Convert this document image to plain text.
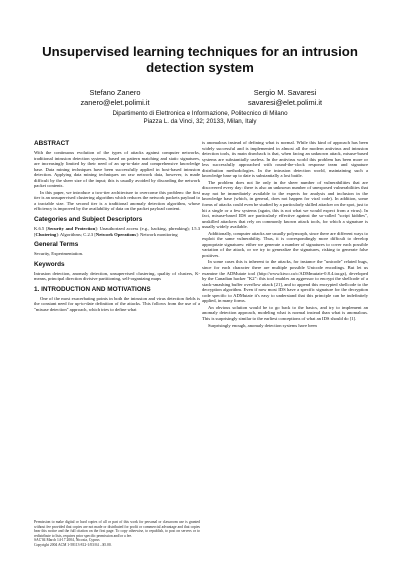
Unsupervised learning techniques for an intrusion
detection system
Stefano Zanero
zanero@elet.polimi.it
Sergio M. Savaresi
savaresi@elet.polimi.it
Dipartimento di Elettronica e Informazione, Politecnico di Milano
Piazza L. da Vinci, 32; 20133, Milan, Italy
ABSTRACT

With the continuous evolution of the types of attacks against computer networks, traditional intrusion detection systems, based on pattern matching and static signatures, are increasingly limited by their need of an up-to-date and comprehensive knowledge base. Data mining techniques have been successfully applied in host-based intrusion detection. Applying data mining techniques on raw network data, however, is made difficult by the sheer size of the input; this is usually avoided by discarding the network packet contents.

In this paper, we introduce a two-tier architecture to overcome this problem: the first tier is an unsupervised clustering algorithm which reduces the network packets payload to a tractable size. The second tier is a traditional anomaly detection algorithm, whose efficiency is improved by the availability of data on the packet payload content.

Categories and Subject Descriptors

K.6.5 [Security and Protection]: Unauthorized access (e.g., hacking, phreaking); I.5.3 [Clustering]: Algorithms; C.2.3 [Network Operations]: Network monitoring

General Terms

Security, Experimentation.

Keywords

Intrusion detection, anomaly detection, unsupervised clustering, quality of clusters, K-means, principal direction divisive partitioning, self-organizing maps

1. INTRODUCTION AND MOTIVATIONS

One of the most exacerbating points in both the intrusion and virus detection fields is the constant need for up-to-date definition of the attacks. This follows from the use of a "misuse detection" approach, which tries to define what

Permission to make digital or hard copies of all or part of this work for personal or classroom use is granted without fee provided that copies are not made or distributed for profit or commercial advantage and that copies bear this notice and the full citation on the first page. To copy otherwise, to republish, to post on servers or to redistribute to lists, requires prior specific permission and/or a fee.
SAC'04 March 14-17 2004, Nicosia, Cyprus
Copyright 2004 ACM 1-58113-812-1/03/04 ...$5.00.

is anomalous instead of defining what is normal. While this kind of approach has been widely successful and is implemented in almost all the modern antivirus and intrusion detection tools, its main drawback is that, when facing an unknown attack, misuse-based systems are substantially useless. In the antivirus world this problem has been more or less successfully approached with round-the-clock response team and signature distribution methodologies. In the intrusion detection world, maintaining such a knowledge base up to date is substantially a lost battle.

The problem does not lie only in the sheer number of vulnerabilities that are discovered every day: there is also an unknown number of unexposed vulnerabilities that may not be immediately available to the experts for analysis and inclusion in the knowledge base (which, in general, does not happen for viral code). In addition, some forms of attacks could even be studied by a particularly skilled attacker on the spot, just to hit a single or a few systems (again, this is not what we would expect from a virus). In fact, misuse-based IDS are particularly effective against the so-called "script kiddies", unskilled attackers that rely on commonly known attack tools, for which a signature is usually widely available.

Additionally, computer attacks are usually polymorph, since there are different ways to exploit the same vulnerability. Thus, it is correspondingly more difficult to develop appropriate signatures: either we generate a number of signatures to cover each possible variation of the attack, or we try to generalize the signatures, risking to generate false positives.

In some cases this is inherent to the attacks, for instance the "unicode" related bugs, since for each character there are multiple possible Unicode encodings. But let us examine the ADMutate tool (http://www.ktwo.ca/c/ADMmutate-0.8.4.tar.gz), developed by the Canadian hacker "K2": this tool enables an aggressor to encrypt the shellcode of a stack-smashing buffer overflow attack [21], and to append this encrypted shellcode to the decryption algorithm. Even if now most IDS have a specific signature for the decryption code specific to ADMutate it's easy to understand that this principle can be indefinitely applied, in many forms.

An obvious solution would be to go back to the basics, and try to implement an anomaly detection approach, modeling what is normal instead than what is anomalous. This is surprisingly similar to the earliest conceptions of what an IDS should do [1].

Surprisingly enough, anomaly detection systems have been
